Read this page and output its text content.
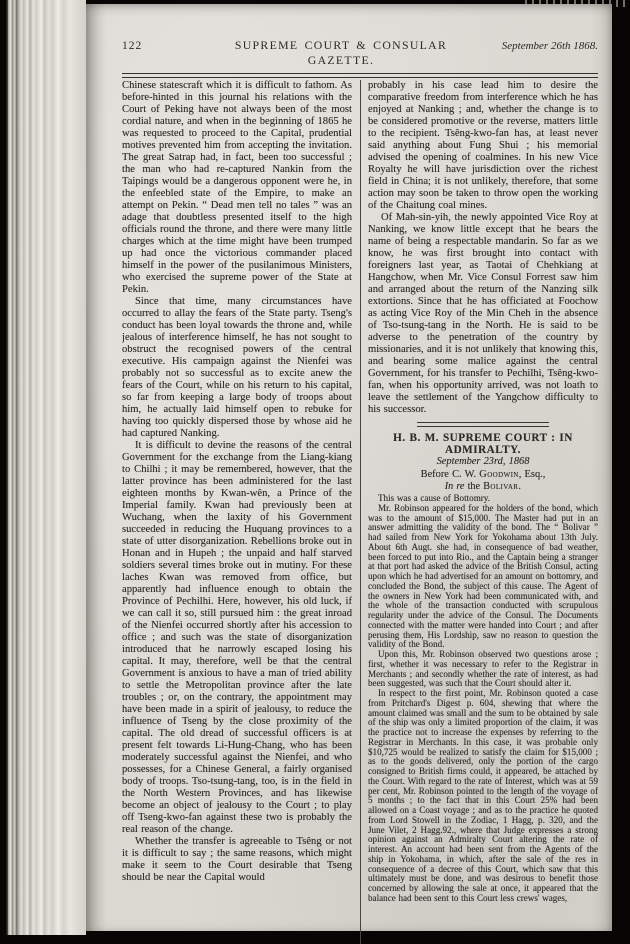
122	SUPREME COURT & CONSULAR GAZETTE.
September 26th 1868.

Chinese statescraft which it is difficult to fathom. As before-hinted in this journal his relations with the Court of Peking have not always been of the most cordial nature, and when in the beginning of 1865 he was requested to proceed to the Capital, prudential motives prevented him from accepting the invitation. The great Satrap had, in fact, been too successful ; the man who had re-captured Nankin from the Taipings would be a dangerous opponent were he, in the enfeebled state of the Empire, to make an attempt on Pekin. “ Dead men tell no tales ” was an adage that doubtless presented itself to the high officials round the throne, and there were many little charges which at the time might have been trumped up had once the victorious commander placed himself in the power of the pusilanimous Ministers, who exercised the supreme power of the State at Pekin.

Since that time, many circumstances have occurred to allay the fears of the State party. Tseng's conduct has been loyal towards the throne and, while jealous of interference himself, he has not sought to obstruct the recognised powers of the central executive. His campaign against the Nienfei was probably not so successful as to excite anew the fears of the Court, while on his return to his capital, so far from keeping a large body of troops about him, he actually laid himself open to rebuke for having too quickly dispersed those by whose aid he had captured Nanking.

It is difficult to devine the reasons of the central Government for the exchange from the Liang-kiang to Chilhi ; it may be remembered, however, that the latter province has been administered for the last eighteen months by Kwan-wên, a Prince of the Imperial family. Kwan had previously been at Wuchang, when the laxity of his Government succeeded in reducing the Huquang provinces to a state of utter disorganization. Rebellions broke out in Honan and in Hupeh ; the unpaid and half starved soldiers several times broke out in mutiny. For these laches Kwan was removed from office, but apparently had influence enough to obtain the Province of Pechilhi. Here, however, his old luck, if we can call it so, still pursued him : the great inroad of the Nienfei occurred shortly after his accession to office ; and such was the state of disorganization introduced that he narrowly escaped losing his capital. It may, therefore, well be that the central Government is anxious to have a man of tried ability to settle the Metropolitan province after the late troubles ; or, on the contrary, the appointment may have been made in a spirit of jealousy, to reduce the influence of Tseng by the close proximity of the capital. The old dread of successful officers is at present felt towards Li-Hung-Chang, who has been moderately successful against the Nienfei, and who possesses, for a Chinese General, a fairly organised body of troops. Tso-tsung-tang, too, is in the field in the North Western Provinces, and has likewise become an object of jealousy to the Court ; to play off Tseng-kwo-fan against these two is probably the real reason of the change.

Whether the transfer is agreeable to Tsêng or not it is difficult to say ; the same reasons, which might make it seem to the Court desirable that Tseng should be near the Capital would

probably in his case lead him to desire the comparative freedom from interference which he has enjoyed at Nanking ; and, whether the change is to be considered promotive or the reverse, matters little to the recipient. Tsêng-kwo-fan has, at least never said anything about Fung Shui ; his memorial advised the opening of coalmines. In his new Vice Royalty he will have jurisdiction over the richest field in China; it is not unlikely, therefore, that some action may soon be taken to throw open the working of the Chaitung coal mines.

Of Mah-sin-yih, the newly appointed Vice Roy at Nanking, we know little except that he bears the name of being a respectable mandarin. So far as we know, he was first brought into contact with foreigners last year, as Taotai of Chehkiang at Hangchow, when Mr. Vice Consul Forrest saw him and arranged about the return of the Nanzing silk extortions. Since that he has officiated at Foochow as acting Vice Roy of the Min Cheh in the absence of Tso-tsung-tang in the North. He is said to be adverse to the penetration of the country by missionaries, and it is not unlikely that knowing this, and bearing some malice against the central Government, for his transfer to Pechilhi, Tsêng-kwo-fan, when his opportunity arrived, was not loath to leave the settlement of the Yangchow difficulty to his successor.

H. B. M. SUPREME COURT : IN ADMIRALTY.
September 23rd, 1868
Before C. W. Goodwin, Esq.,
In re the Bolivar.

This was a cause of Bottomry.

Mr. Robinson appeared for the holders of the bond, which was to the amount of $15,000. The Master had put in an answer admitting the validity of the bond. The “ Bolivar ” had sailed from New York for Yokohama about 13th July. About 6th Augt. she had, in consequence of bad weather, been forced to put into Rio., and the Captain being a stranger at that port had asked the advice of the British Consul, acting upon which he had advertised for an amount on bottomry, and concluded the Bond, the subject of this cause. The Agent of the owners in New York had been communicated with, and the whole of the transaction conducted with scrupulous regularity under the advice of the Consul. The Documents connected with the matter were handed into Court ; and after perusing them, His Lordship, saw no reason to question the validity of the Bond.

Upon this, Mr. Robinson observed two questions arose ; first, whether it was necessary to refer to the Registrar in Merchants ; and secondly whether the rate of interest, as had been suggested, was such that the Court should alter it.

In respect to the first point, Mr. Robinson quoted a case from Pritchard's Digest p. 604, shewing that where the amount claimed was small and the sum to be obtained by sale of the ship was only a limited proportion of the claim, it was the practice not to increase the expenses by referring to the Registrar in Merchants. In this case, it was probable only $10,725 would be realized to satisfy the claim for $15,000 ; as to the goods delivered, only the portion of the cargo consigned to British firms could, it appeared, be attached by the Court. With regard to the rate of Interest, which was at 59 per cent, Mr. Robinson pointed to the length of the voyage of 5 months ; to the fact that in this Court 25% had been allowed on a Coast voyage ; and as to the practice he quoted from Lord Stowell in the Zodiac, 1 Hagg, p. 320, and the June Vilet, 2 Hagg.92., where that Judge expresses a strong opinion against an Admiralty Court altering the rate of interest. An account had been sent from the Agents of the ship in Yokohama, in which, after the sale of the res in consequence of a decree of this Court, which saw that this ultimately must be done, and was desirous to benefit those concerned by allowing the sale at once, it appeared that the balance had been sent to this Court less crews' wages,
